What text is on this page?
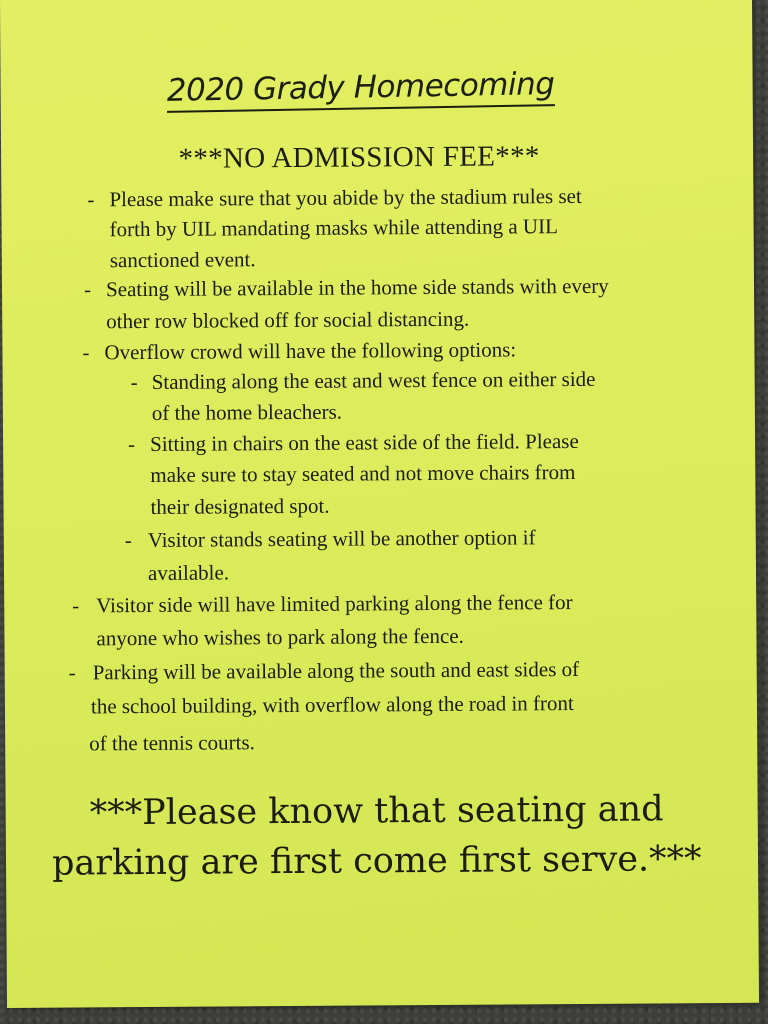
2020 Grady Homecoming
***NO ADMISSION FEE***
- Please make sure that you abide by the stadium rules set
forth by UIL mandating masks while attending a UIL
sanctioned event.
- Seating will be available in the home side stands with every
other row blocked off for social distancing.
- Overflow crowd will have the following options:
- Standing along the east and west fence on either side
of the home bleachers.
- Sitting in chairs on the east side of the field. Please
make sure to stay seated and not move chairs from
their designated spot.
- Visitor stands seating will be another option if
available.
- Visitor side will have limited parking along the fence for
anyone who wishes to park along the fence.
- Parking will be available along the south and east sides of
the school building, with overflow along the road in front
of the tennis courts.
***Please know that seating and
parking are first come first serve.***
